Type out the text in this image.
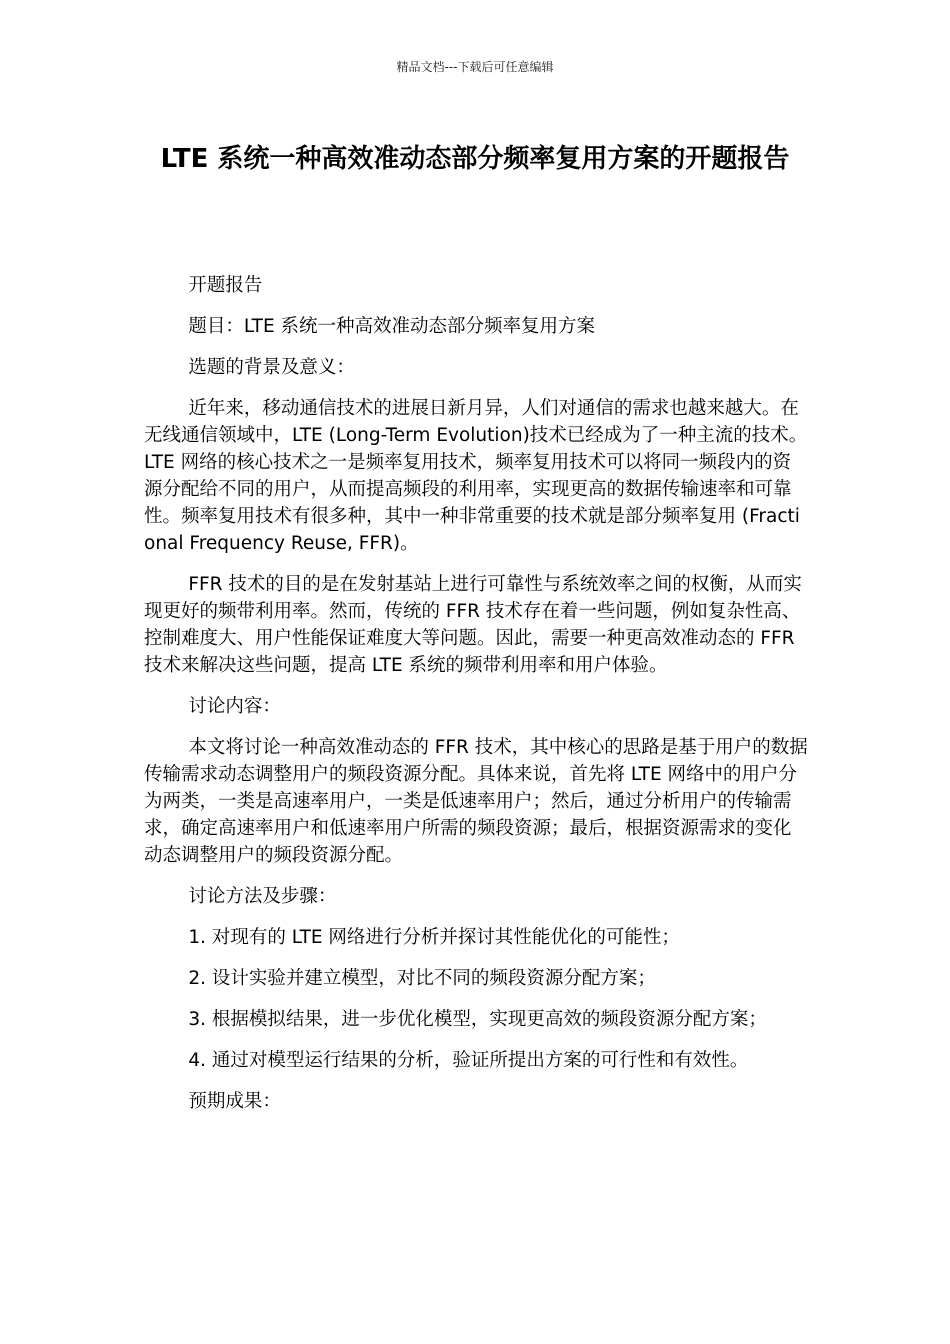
精品文档---下载后可任意编辑
LTE 系统一种高效准动态部分频率复用方案的开题报告

开题报告

题目：LTE 系统一种高效准动态部分频率复用方案

选题的背景及意义：

近年来，移动通信技术的进展日新月异，人们对通信的需求也越来越大。在无线通信领域中，LTE (Long-Term Evolution)技术已经成为了一种主流的技术。LTE 网络的核心技术之一是频率复用技术，频率复用技术可以将同一频段内的资源分配给不同的用户，从而提高频段的利用率，实现更高的数据传输速率和可靠性。频率复用技术有很多种，其中一种非常重要的技术就是部分频率复用 (Fractional Frequency Reuse, FFR)。

FFR 技术的目的是在发射基站上进行可靠性与系统效率之间的权衡，从而实现更好的频带利用率。然而，传统的 FFR 技术存在着一些问题，例如复杂性高、控制难度大、用户性能保证难度大等问题。因此，需要一种更高效准动态的 FFR 技术来解决这些问题，提高 LTE 系统的频带利用率和用户体验。

讨论内容：

本文将讨论一种高效准动态的 FFR 技术，其中核心的思路是基于用户的数据传输需求动态调整用户的频段资源分配。具体来说，首先将 LTE 网络中的用户分为两类，一类是高速率用户，一类是低速率用户；然后，通过分析用户的传输需求，确定高速率用户和低速率用户所需的频段资源；最后，根据资源需求的变化动态调整用户的频段资源分配。

讨论方法及步骤：

1. 对现有的 LTE 网络进行分析并探讨其性能优化的可能性；

2. 设计实验并建立模型，对比不同的频段资源分配方案；

3. 根据模拟结果，进一步优化模型，实现更高效的频段资源分配方案；

4. 通过对模型运行结果的分析，验证所提出方案的可行性和有效性。

预期成果：
